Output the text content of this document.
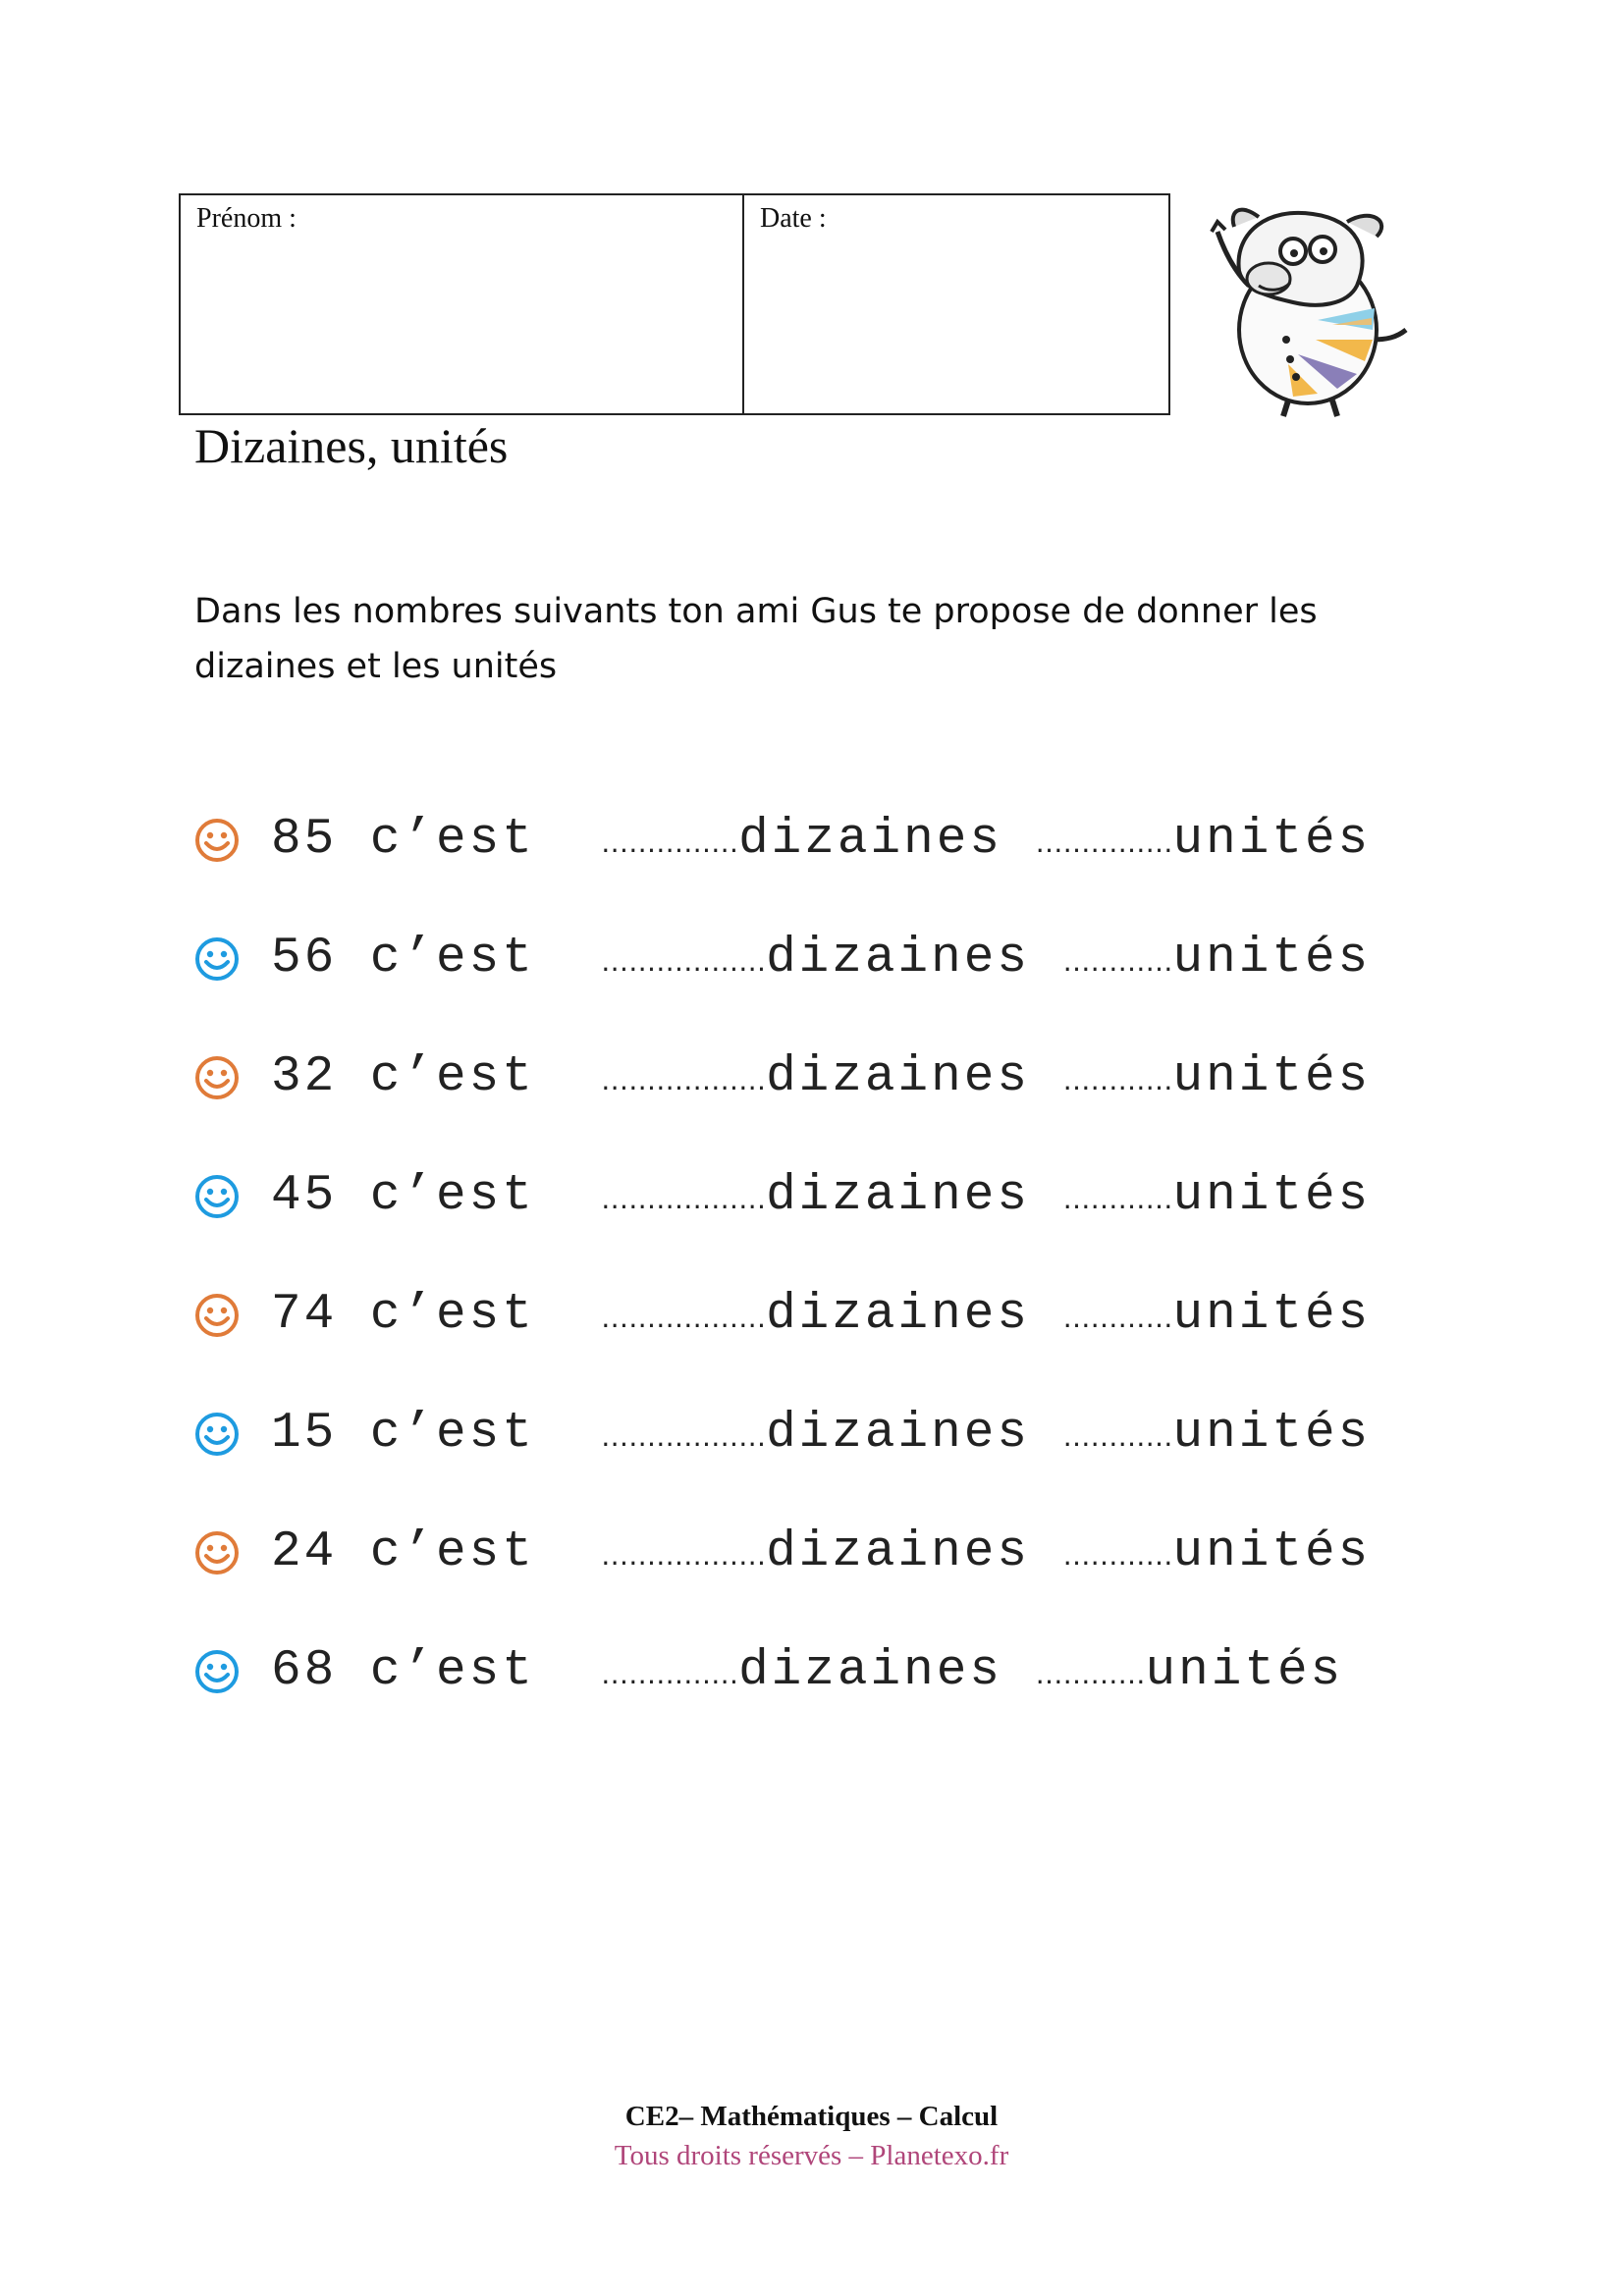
Prénom :	Date :
Dizaines, unités
Dans les nombres suivants ton ami Gus te propose de donner les dizaines et les unités
85 c’est ……………dizaines ……………unités
56 c’est ………………dizaines …………unités
32 c’est ………………dizaines …………unités
45 c’est ………………dizaines …………unités
74 c’est ………………dizaines …………unités
15 c’est ………………dizaines …………unités
24 c’est ………………dizaines …………unités
68 c’est ……………dizaines …………unités
CE2– Mathématiques – Calcul
Tous droits réservés – Planetexo.fr
